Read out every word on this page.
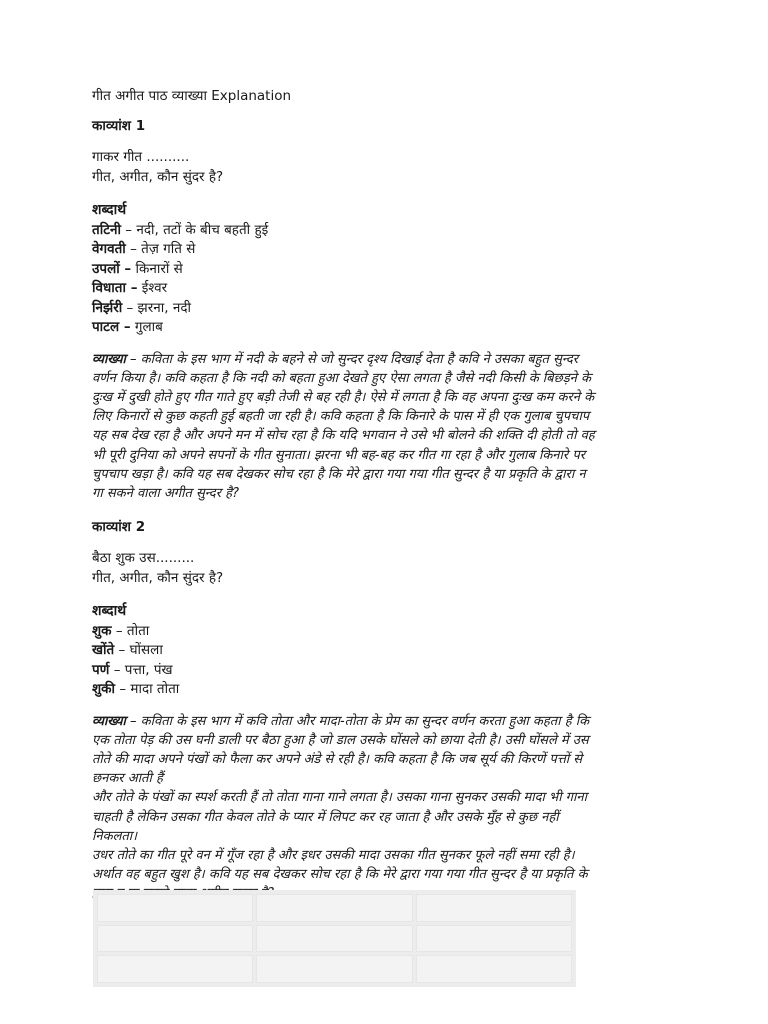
गीत अगीत पाठ व्याख्या Explanation
काव्यांश 1
गाकर गीत ..........
गीत, अगीत, कौन सुंदर है?
शब्दार्थ
तटिनी – नदी, तटों के बीच बहती हुई
वेगवती – तेज़ गति से
उपलों – किनारों से
विधाता – ईश्वर
निर्झरी – झरना, नदी
पाटल – गुलाब
व्याख्या – कविता के इस भाग में नदी के बहने से जो सुन्दर दृश्य दिखाई देता है कवि ने उसका बहुत सुन्दर
वर्णन किया है। कवि कहता है कि नदी को बहता हुआ देखते हुए ऐसा लगता है जैसे नदी किसी के बिछड़ने के
दुःख में दुखी होते हुए गीत गाते हुए बड़ी तेजी से बह रही है। ऐसे में लगता है कि वह अपना दुःख कम करने के
लिए किनारों से कुछ कहती हुई बहती जा रही है। कवि कहता है कि किनारे के पास में ही एक गुलाब चुपचाप
यह सब देख रहा है और अपने मन में सोच रहा है कि यदि भगवान ने उसे भी बोलने की शक्ति दी होती तो वह
भी पूरी दुनिया को अपने सपनों के गीत सुनाता। झरना भी बह-बह कर गीत गा रहा है और गुलाब किनारे पर
चुपचाप खड़ा है। कवि यह सब देखकर सोच रहा है कि मेरे द्वारा गया गया गीत सुन्दर है या प्रकृति के द्वारा न
गा सकने वाला अगीत सुन्दर है?
काव्यांश 2
बैठा शुक उस.........
गीत, अगीत, कौन सुंदर है?
शब्दार्थ
शुक – तोता
खोंते – घोंसला
पर्ण – पत्ता, पंख
शुकी – मादा तोता
व्याख्या – कविता के इस भाग में कवि तोता और मादा-तोता के प्रेम का सुन्दर वर्णन करता हुआ कहता है कि
एक तोता पेड़ की उस घनी डाली पर बैठा हुआ है जो डाल उसके घोंसले को छाया देती है। उसी घोंसले में उस
तोते की मादा अपने पंखों को फैला कर अपने अंडे से रही है। कवि कहता है कि जब सूर्य की किरणें पत्तों से
छनकर आती हैं
और तोते के पंखों का स्पर्श करती हैं तो तोता गाना गाने लगता है। उसका गाना सुनकर उसकी मादा भी गाना
चाहती है लेकिन उसका गीत केवल तोते के प्यार में लिपट कर रह जाता है और उसके मुँह से कुछ नहीं
निकलता।
उधर तोते का गीत पूरे वन में गूँज रहा है और इधर उसकी मादा उसका गीत सुनकर फूले नहीं समा रही है।
अर्थात वह बहुत खुश है। कवि यह सब देखकर सोच रहा है कि मेरे द्वारा गया गया गीत सुन्दर है या प्रकृति के
